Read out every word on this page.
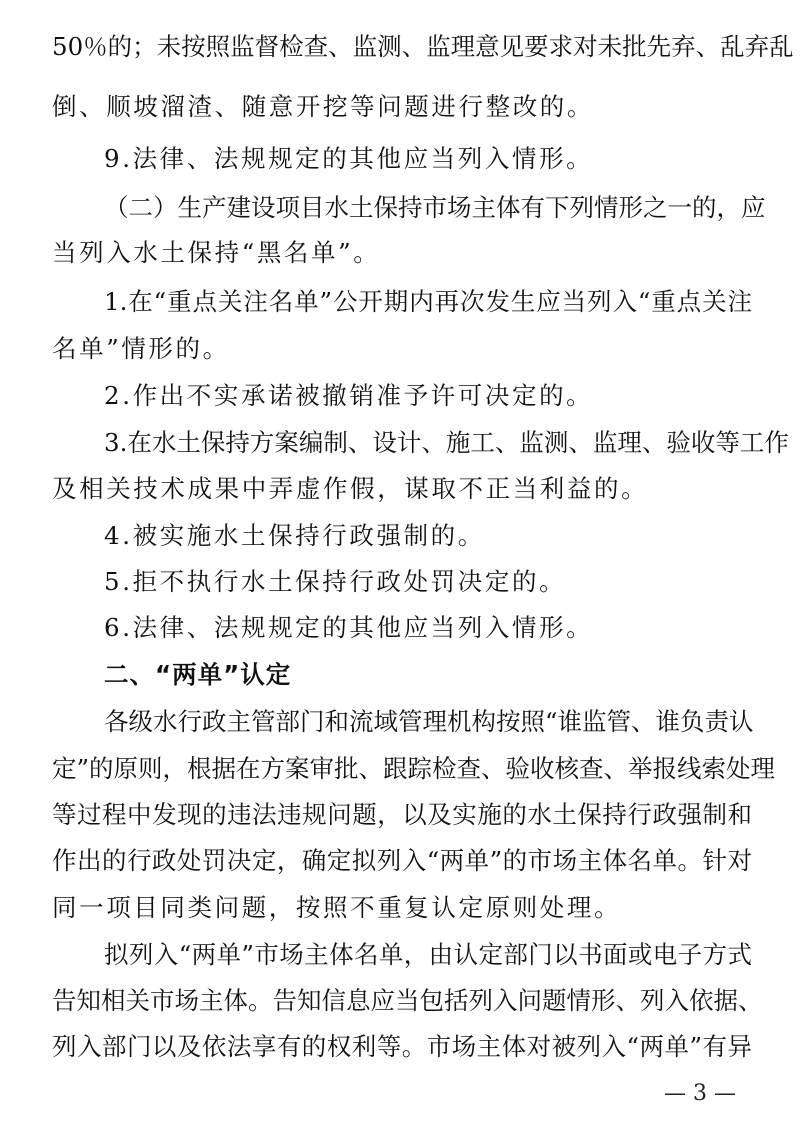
50％的；未按照监督检查、监测、监理意见要求对未批先弃、乱弃乱
倒、顺坡溜渣、随意开挖等问题进行整改的。
9.法律、法规规定的其他应当列入情形。
（二）生产建设项目水土保持市场主体有下列情形之一的，应
当列入水土保持“黑名单”。
1.在“重点关注名单”公开期内再次发生应当列入“重点关注
名单”情形的。
2.作出不实承诺被撤销准予许可决定的。
3.在水土保持方案编制、设计、施工、监测、监理、验收等工作
及相关技术成果中弄虚作假，谋取不正当利益的。
4.被实施水土保持行政强制的。
5.拒不执行水土保持行政处罚决定的。
6.法律、法规规定的其他应当列入情形。
二、“两单”认定
各级水行政主管部门和流域管理机构按照“谁监管、谁负责认
定”的原则，根据在方案审批、跟踪检查、验收核查、举报线索处理
等过程中发现的违法违规问题，以及实施的水土保持行政强制和
作出的行政处罚决定，确定拟列入“两单”的市场主体名单。针对
同一项目同类问题，按照不重复认定原则处理。
拟列入“两单”市场主体名单，由认定部门以书面或电子方式
告知相关市场主体。告知信息应当包括列入问题情形、列入依据、
列入部门以及依法享有的权利等。市场主体对被列入“两单”有异
— 3 —
